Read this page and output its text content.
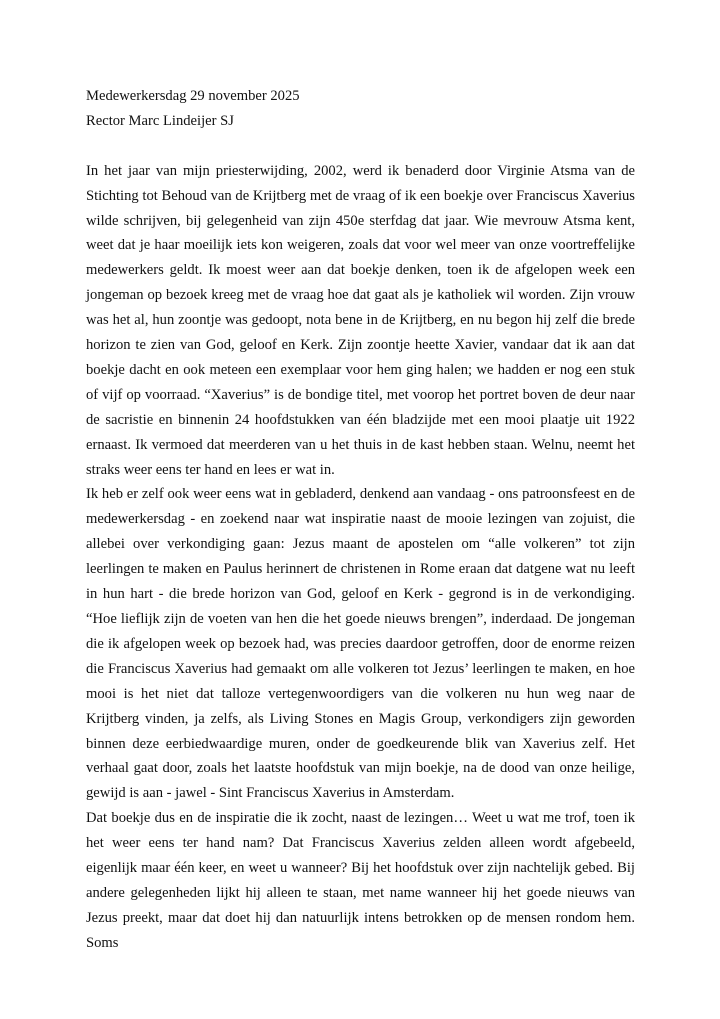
Medewerkersdag 29 november 2025
Rector Marc Lindeijer SJ

In het jaar van mijn priesterwijding, 2002, werd ik benaderd door Virginie Atsma van de Stichting tot Behoud van de Krijtberg met de vraag of ik een boekje over Franciscus Xaverius wilde schrijven, bij gelegenheid van zijn 450e sterfdag dat jaar. Wie mevrouw Atsma kent, weet dat je haar moeilijk iets kon weigeren, zoals dat voor wel meer van onze voortreffelijke medewerkers geldt. Ik moest weer aan dat boekje denken, toen ik de afgelopen week een jongeman op bezoek kreeg met de vraag hoe dat gaat als je katholiek wil worden. Zijn vrouw was het al, hun zoontje was gedoopt, nota bene in de Krijtberg, en nu begon hij zelf die brede horizon te zien van God, geloof en Kerk. Zijn zoontje heette Xavier, vandaar dat ik aan dat boekje dacht en ook meteen een exemplaar voor hem ging halen; we hadden er nog een stuk of vijf op voorraad. “Xaverius” is de bondige titel, met voorop het portret boven de deur naar de sacristie en binnenin 24 hoofdstukken van één bladzijde met een mooi plaatje uit 1922 ernaast. Ik vermoed dat meerderen van u het thuis in de kast hebben staan. Welnu, neemt het straks weer eens ter hand en lees er wat in.

Ik heb er zelf ook weer eens wat in gebladerd, denkend aan vandaag - ons patroonsfeest en de medewerkersdag - en zoekend naar wat inspiratie naast de mooie lezingen van zojuist, die allebei over verkondiging gaan: Jezus maant de apostelen om “alle volkeren” tot zijn leerlingen te maken en Paulus herinnert de christenen in Rome eraan dat datgene wat nu leeft in hun hart - die brede horizon van God, geloof en Kerk - gegrond is in de verkondiging. “Hoe lieflijk zijn de voeten van hen die het goede nieuws brengen”, inderdaad. De jongeman die ik afgelopen week op bezoek had, was precies daardoor getroffen, door de enorme reizen die Franciscus Xaverius had gemaakt om alle volkeren tot Jezus’ leerlingen te maken, en hoe mooi is het niet dat talloze vertegenwoordigers van die volkeren nu hun weg naar de Krijtberg vinden, ja zelfs, als Living Stones en Magis Group, verkondigers zijn geworden binnen deze eerbiedwaardige muren, onder de goedkeurende blik van Xaverius zelf. Het verhaal gaat door, zoals het laatste hoofdstuk van mijn boekje, na de dood van onze heilige, gewijd is aan - jawel - Sint Franciscus Xaverius in Amsterdam.

Dat boekje dus en de inspiratie die ik zocht, naast de lezingen… Weet u wat me trof, toen ik het weer eens ter hand nam? Dat Franciscus Xaverius zelden alleen wordt afgebeeld, eigenlijk maar één keer, en weet u wanneer? Bij het hoofdstuk over zijn nachtelijk gebed. Bij andere gelegenheden lijkt hij alleen te staan, met name wanneer hij het goede nieuws van Jezus preekt, maar dat doet hij dan natuurlijk intens betrokken op de mensen rondom hem. Soms
